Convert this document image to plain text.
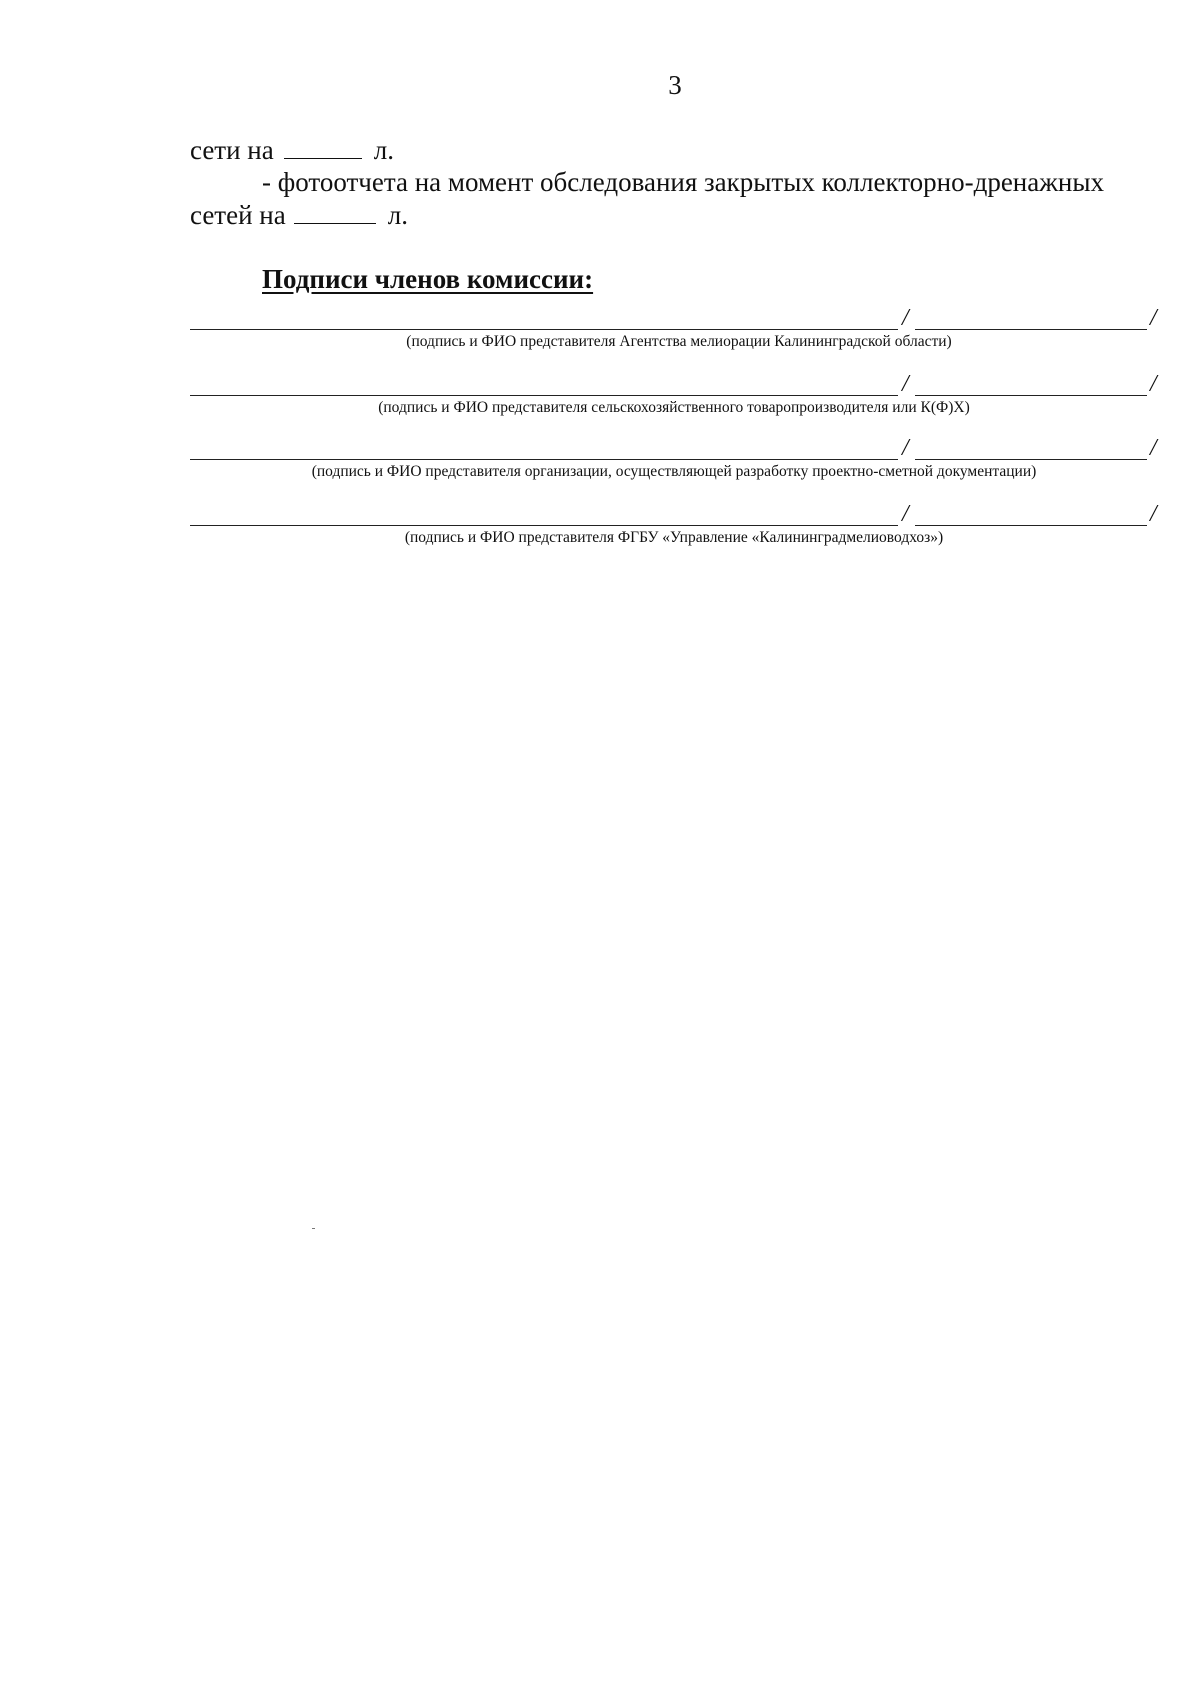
3
сети на	л.
- фотоотчета на момент обследования закрытых коллекторно-дренажных
сетей на	л.
Подписи членов комиссии:
/	/
(подпись и ФИО представителя Агентства мелиорации Калининградской области)
/	/
(подпись и ФИО представителя сельскохозяйственного товаропроизводителя или К(Ф)Х)
/	/
(подпись и ФИО представителя организации, осуществляющей разработку проектно-сметной документации)
/	/
(подпись и ФИО представителя ФГБУ «Управление «Калининградмелиоводхоз»)
